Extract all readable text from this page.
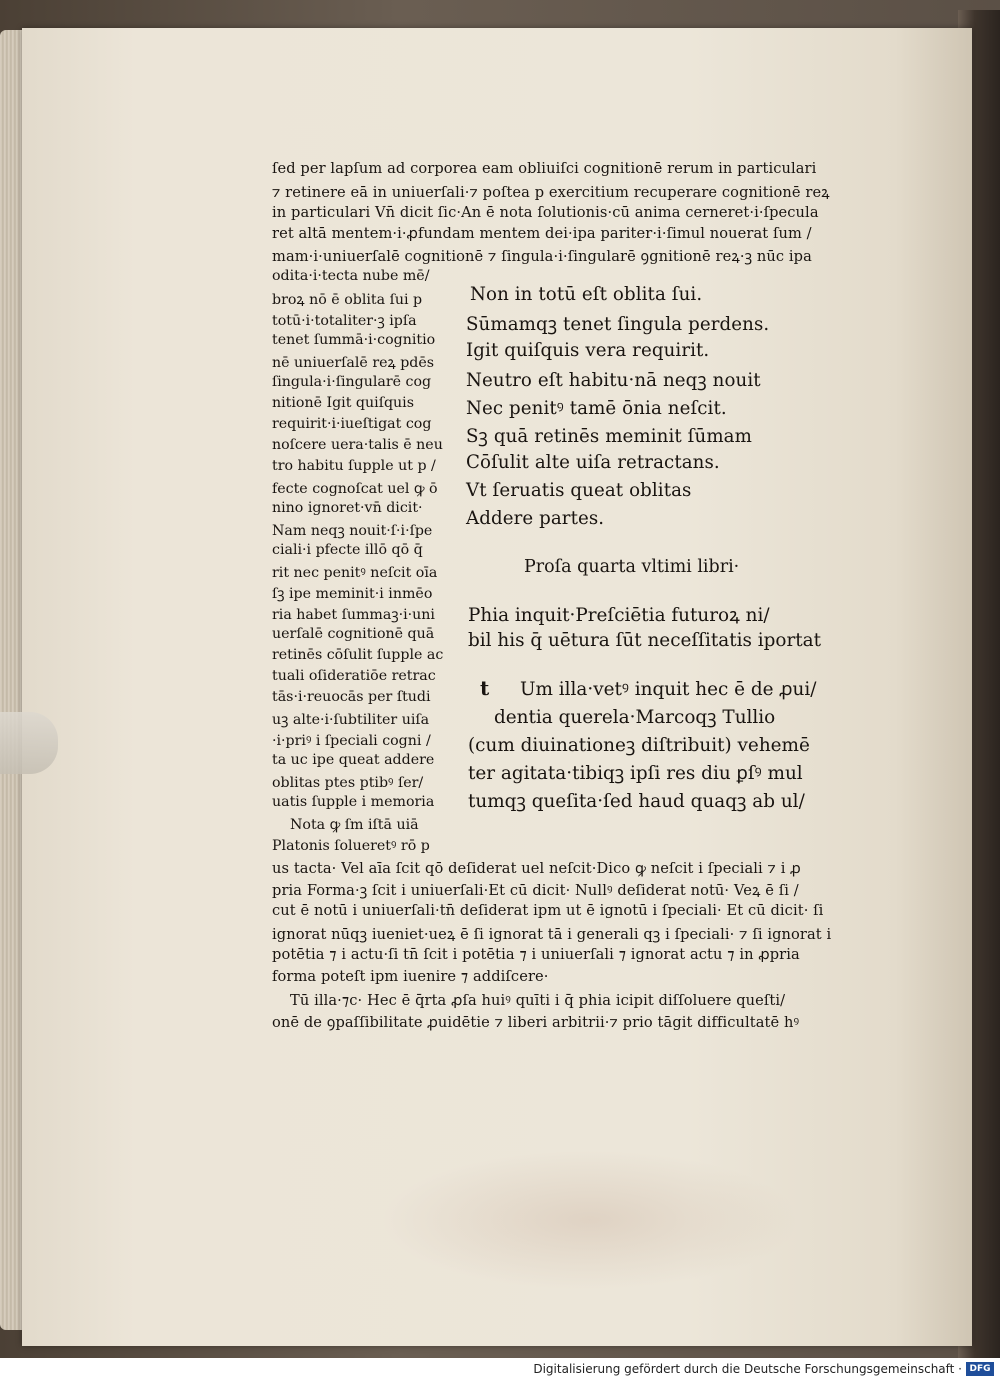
ſed per lapſum ad corporea eam obliuiſci cognitionē rerum in particulari
⁊ retinere eā in uniuerſali·⁊ poſtea p exercitium recuperare cognitionē reꝝ
in particulari Vn̄ dicit ſic·An ē nota ſolutionis·cū anima cerneret·i·ſpecula
ret altā mentem·i·ꝓfundam mentem dei·ipa pariter·i·ſimul nouerat ſum /
mam·i·uniuerſalē cognitionē ⁊ ſingula·i·ſingularē ꝯgnitionē reꝝ·ꝫ nūc ipa
odita·i·tecta nube mē/
broꝝ nō ē oblita ſui p
totū·i·totaliter·ꝫ ipſa
tenet ſummā·i·cognitio
nē uniuerſalē reꝝ pdēs
ſingula·i·ſingularē cog
nitionē Igit quiſquis
requirit·i·iueſtigat cog
noſcere uera·talis ē neu
tro habitu ſupple ut p /
fecte cognoſcat uel ꝙ ō
nino ignoret·vn̄ dicit·
Nam neqꝫ nouit·ſ·i·ſpe
ciali·i pfecte illō qō q̄
rit nec penitꝰ neſcit oīa
ſꝫ ipe meminit·i inmēo
ria habet ſummaꝫ·i·uni
uerſalē cognitionē quā
retinēs cōſulit ſupple ac
tuali oſideratiōe retrac
tās·i·reuocās per ſtudi
uꝫ alte·i·ſubtiliter uiſa
·i·priꝰ i ſpeciali cogni /
ta uc ipe queat addere
oblitas ptes ptibꝰ ſer/
uatis ſupple i memoria
Nota ꝙ ſm iſtā uiā
Platonis ſolueretꝰ rō p
Non in totū eſt oblita ſui.
Sūmamqꝫ tenet ſingula perdens.
Igit quiſquis vera requirit.
Neutro eſt habitu·nā neqꝫ nouit
Nec penitꝰ tamē ōnia neſcit.
Sꝫ quā retinēs meminit ſūmam
Cōſulit alte uiſa retractans.
Vt ſeruatis queat oblitas
Addere partes.
Proſa quarta vltimi libri·
Phia inquit·Preſciētia futuroꝝ ni/
bil his q̄ uētura ſūt neceſſitatis iportat
t Um illa·vetꝰ inquit hec ē de ꝓui/
dentia querela·Marcoqꝫ Tullio
(cum diuinationeꝫ diſtribuit) vehemē
ter agitata·tibiqꝫ ipſi res diu ꝑſꝰ mul
tumqꝫ queſita·ſed haud quaqꝫ ab ul/
us tacta· Vel aīa ſcit qō deſiderat uel neſcit·Dico ꝙ neſcit i ſpeciali ⁊ i ꝓ
pria Forma·ꝫ ſcit i uniuerſali·Et cū dicit· Nullꝰ deſiderat notū· Veꝝ ē ſi /
cut ē notū i uniuerſali·tn̄ deſiderat ipm ut ē ignotū i ſpeciali· Et cū dicit· ſi
ignorat nūqꝫ iueniet·ueꝝ ē ſi ignorat tā i generali qꝫ i ſpeciali· ⁊ ſi ignorat i
potētia ⁊ i actu·ſi tn̄ ſcit i potētia ⁊ i uniuerſali ⁊ ignorat actu ⁊ in ꝓpria
forma poteſt ipm iuenire ⁊ addiſcere·
Tū illa·⁊c· Hec ē q̄rta ꝓſa huiꝰ quīti i q̄ phia icipit diſſoluere queſti/
onē de ꝯpaſſibilitate ꝓuidētie ⁊ liberi arbitrii·⁊ prio tāgit difficultatē hꝰ
Digitalisierung gefördert durch die Deutsche Forschungsgemeinschaft · DFG
